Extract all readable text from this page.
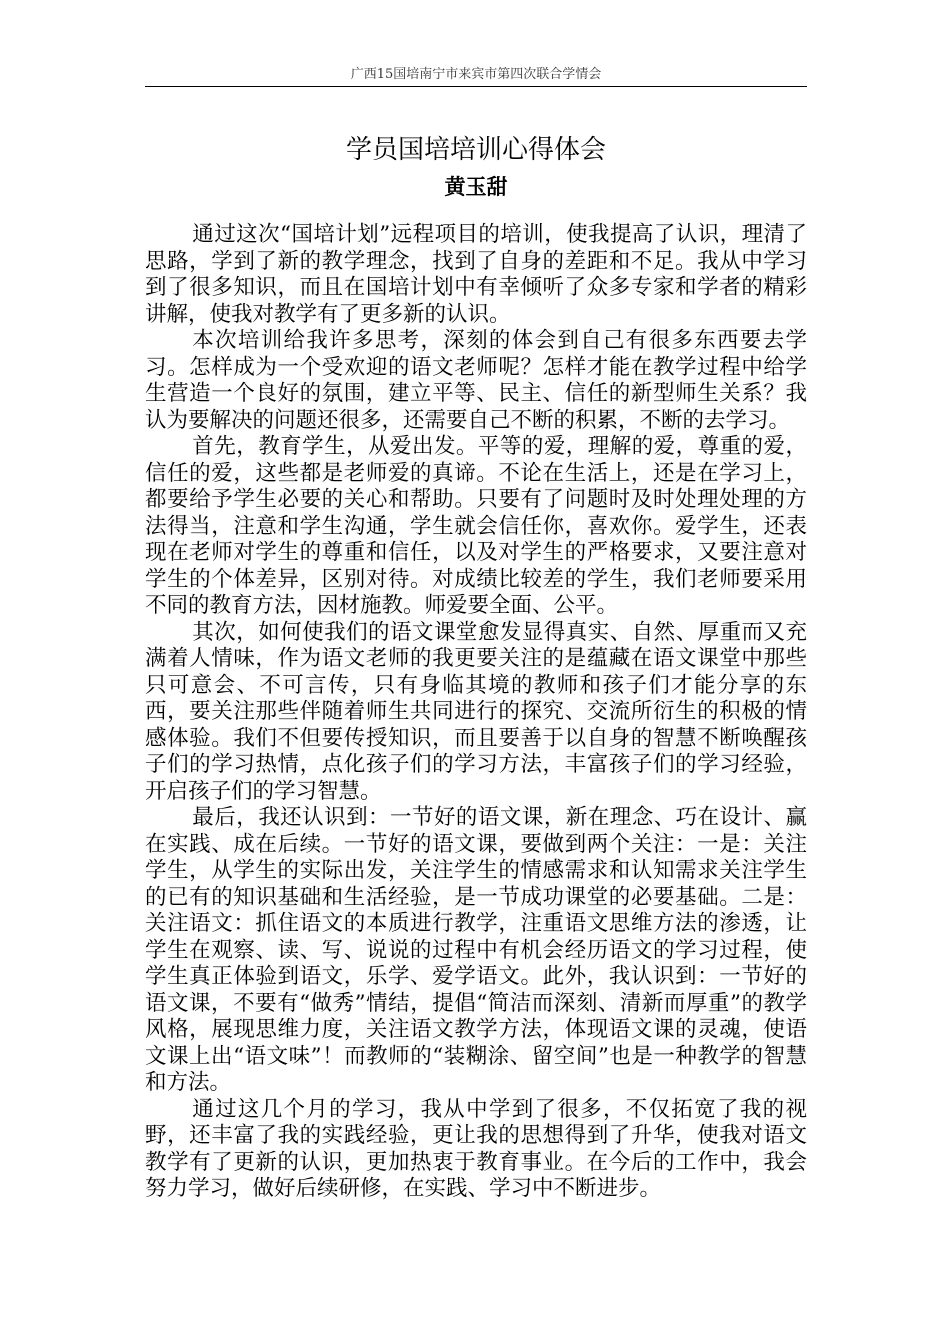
广西15国培南宁市来宾市第四次联合学情会
学员国培培训心得体会
黄玉甜

通过这次“国培计划”远程项目的培训，使我提高了认识，理清了思路，学到了新的教学理念，找到了自身的差距和不足。我从中学习到了很多知识，而且在国培计划中有幸倾听了众多专家和学者的精彩讲解，使我对教学有了更多新的认识。

本次培训给我许多思考，深刻的体会到自己有很多东西要去学习。怎样成为一个受欢迎的语文老师呢？怎样才能在教学过程中给学生营造一个良好的氛围，建立平等、民主、信任的新型师生关系？我认为要解决的问题还很多，还需要自己不断的积累，不断的去学习。

首先，教育学生，从爱出发。平等的爱，理解的爱，尊重的爱，信任的爱，这些都是老师爱的真谛。不论在生活上，还是在学习上，都要给予学生必要的关心和帮助。只要有了问题时及时处理处理的方法得当，注意和学生沟通，学生就会信任你，喜欢你。爱学生，还表现在老师对学生的尊重和信任，以及对学生的严格要求，又要注意对学生的个体差异，区别对待。对成绩比较差的学生，我们老师要采用不同的教育方法，因材施教。师爱要全面、公平。

其次，如何使我们的语文课堂愈发显得真实、自然、厚重而又充满着人情味，作为语文老师的我更要关注的是蕴藏在语文课堂中那些只可意会、不可言传，只有身临其境的教师和孩子们才能分享的东西，要关注那些伴随着师生共同进行的探究、交流所衍生的积极的情感体验。我们不但要传授知识，而且要善于以自身的智慧不断唤醒孩子们的学习热情，点化孩子们的学习方法，丰富孩子们的学习经验，开启孩子们的学习智慧。

最后，我还认识到：一节好的语文课，新在理念、巧在设计、赢在实践、成在后续。一节好的语文课，要做到两个关注：一是：关注学生，从学生的实际出发，关注学生的情感需求和认知需求关注学生的已有的知识基础和生活经验，是一节成功课堂的必要基础。二是：关注语文：抓住语文的本质进行教学，注重语文思维方法的渗透，让学生在观察、读、写、说说的过程中有机会经历语文的学习过程，使学生真正体验到语文，乐学、爱学语文。此外，我认识到：一节好的语文课，不要有“做秀”情结，提倡“简洁而深刻、清新而厚重”的教学风格，展现思维力度，关注语文教学方法，体现语文课的灵魂，使语文课上出“语文味”！而教师的“装糊涂、留空间”也是一种教学的智慧和方法。

通过这几个月的学习，我从中学到了很多，不仅拓宽了我的视野，还丰富了我的实践经验，更让我的思想得到了升华，使我对语文教学有了更新的认识，更加热衷于教育事业。在今后的工作中，我会努力学习，做好后续研修，在实践、学习中不断进步。
